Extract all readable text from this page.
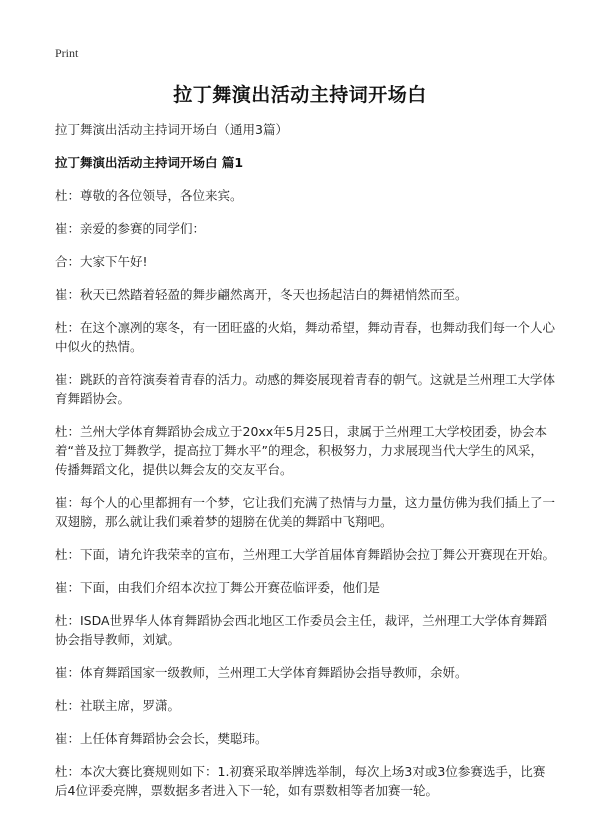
Print
拉丁舞演出活动主持词开场白

拉丁舞演出活动主持词开场白（通用3篇）

拉丁舞演出活动主持词开场白 篇1

杜：尊敬的各位领导，各位来宾。

崔：亲爱的参赛的同学们：

合：大家下午好!

崔：秋天已然踏着轻盈的舞步翩然离开，冬天也扬起洁白的舞裙悄然而至。

杜：在这个凛冽的寒冬，有一团旺盛的火焰，舞动希望，舞动青春，也舞动我们每一个人心中似火的热情。

崔：跳跃的音符演奏着青春的活力。动感的舞姿展现着青春的朝气。这就是兰州理工大学体育舞蹈协会。

杜：兰州大学体育舞蹈协会成立于20xx年5月25日，隶属于兰州理工大学校团委，协会本着“普及拉丁舞教学，提高拉丁舞水平”的理念，积极努力，力求展现当代大学生的风采，传播舞蹈文化，提供以舞会友的交友平台。

崔：每个人的心里都拥有一个梦，它让我们充满了热情与力量，这力量仿佛为我们插上了一双翅膀，那么就让我们乘着梦的翅膀在优美的舞蹈中飞翔吧。

杜：下面，请允许我荣幸的宣布，兰州理工大学首届体育舞蹈协会拉丁舞公开赛现在开始。

崔：下面，由我们介绍本次拉丁舞公开赛莅临评委，他们是

杜：ISDA世界华人体育舞蹈协会西北地区工作委员会主任，裁评，兰州理工大学体育舞蹈协会指导教师，刘斌。

崔：体育舞蹈国家一级教师，兰州理工大学体育舞蹈协会指导教师，余妍。

杜：社联主席，罗潇。

崔：上任体育舞蹈协会会长，樊聪玮。

杜：本次大赛比赛规则如下：1.初赛采取举牌选举制，每次上场3对或3位参赛选手，比赛后4位评委亮牌，票数据多者进入下一轮，如有票数相等者加赛一轮。
